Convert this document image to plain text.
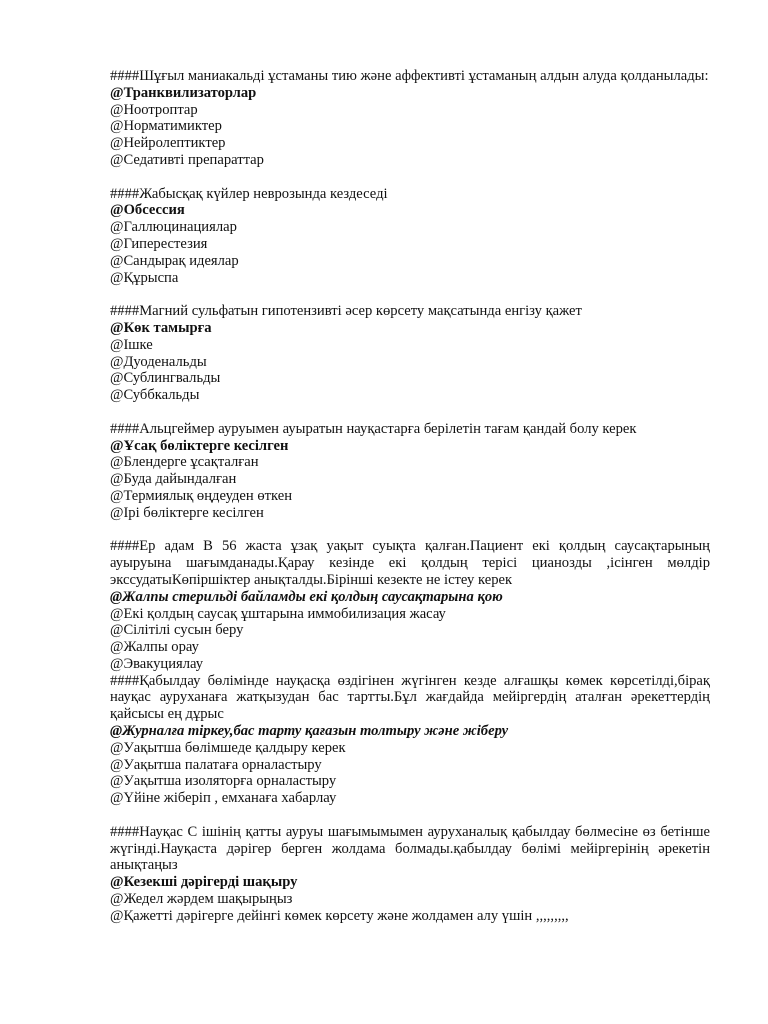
####Шұғыл маниакальді ұстаманы тию және аффективті ұстаманың алдын алуда қолданылады:
@Транквилизаторлар
@Ноотроптар
@Норматимиктер
@Нейролептиктер
@Седативті препараттар
####Жабысқақ күйлер неврозында кездеседі
@Обсессия
@Галлюцинациялар
@Гиперестезия
@Сандырақ идеялар
@Құрыспа
####Магний сульфатын гипотензивті әсер көрсету мақсатында енгізу қажет
@Көк тамырға
@Ішке
@Дуоденальды
@Сублингвальды
@Суббкальды
####Альцгеймер ауруымен ауыратын науқастарға берілетін тағам қандай болу керек
@Ұсақ бөліктерге кесілген
@Блендерге ұсақталған
@Буда дайындалған
@Термиялық өңдеуден өткен
@Ірі бөліктерге кесілген
####Ер адам В 56 жаста ұзақ уақыт суықта қалған.Пациент екі қолдың саусақтарының ауыруына шағымданады.Қарау кезінде екі қолдың терісі цианозды ,ісінген мөлдір экссудатыКөпіршіктер анықталды.Бірінші кезекте не істеу керек
@Жалпы стерильді байламды екі қолдың саусақтарына қою
@Екі қолдың саусақ ұштарына иммобилизация жасау
@Сілітілі сусын беру
@Жалпы орау
@Эвакуциялау
####Қабылдау бөлімінде науқасқа өздігінен жүгінген кезде алғашқы көмек көрсетілді,бірақ науқас ауруханаға жатқызудан бас тартты.Бұл жағдайда мейіргердің аталған әрекеттердің қайсысы ең дұрыс
@Журналға тіркеу,бас тарту қағазын толтыру және жіберу
@Уақытша бөлімшеде қалдыру керек
@Уақытша палатаға орналастыру
@Уақытша изоляторға орналастыру
@Үйіне жіберіп , емханаға хабарлау
####Науқас С ішінің қатты ауруы шағымымымен ауруханалық қабылдау бөлмесіне өз бетінше жүгінді.Науқаста дәрігер берген жолдама болмады.қабылдау бөлімі мейіргерінің әрекетін анықтаңыз
@Кезекші дәрігерді шақыру
@Жедел жәрдем шақырыңыз
@Қажетті дәрігерге дейінгі көмек көрсету және жолдамен алу үшін ,,,,,,,,,
